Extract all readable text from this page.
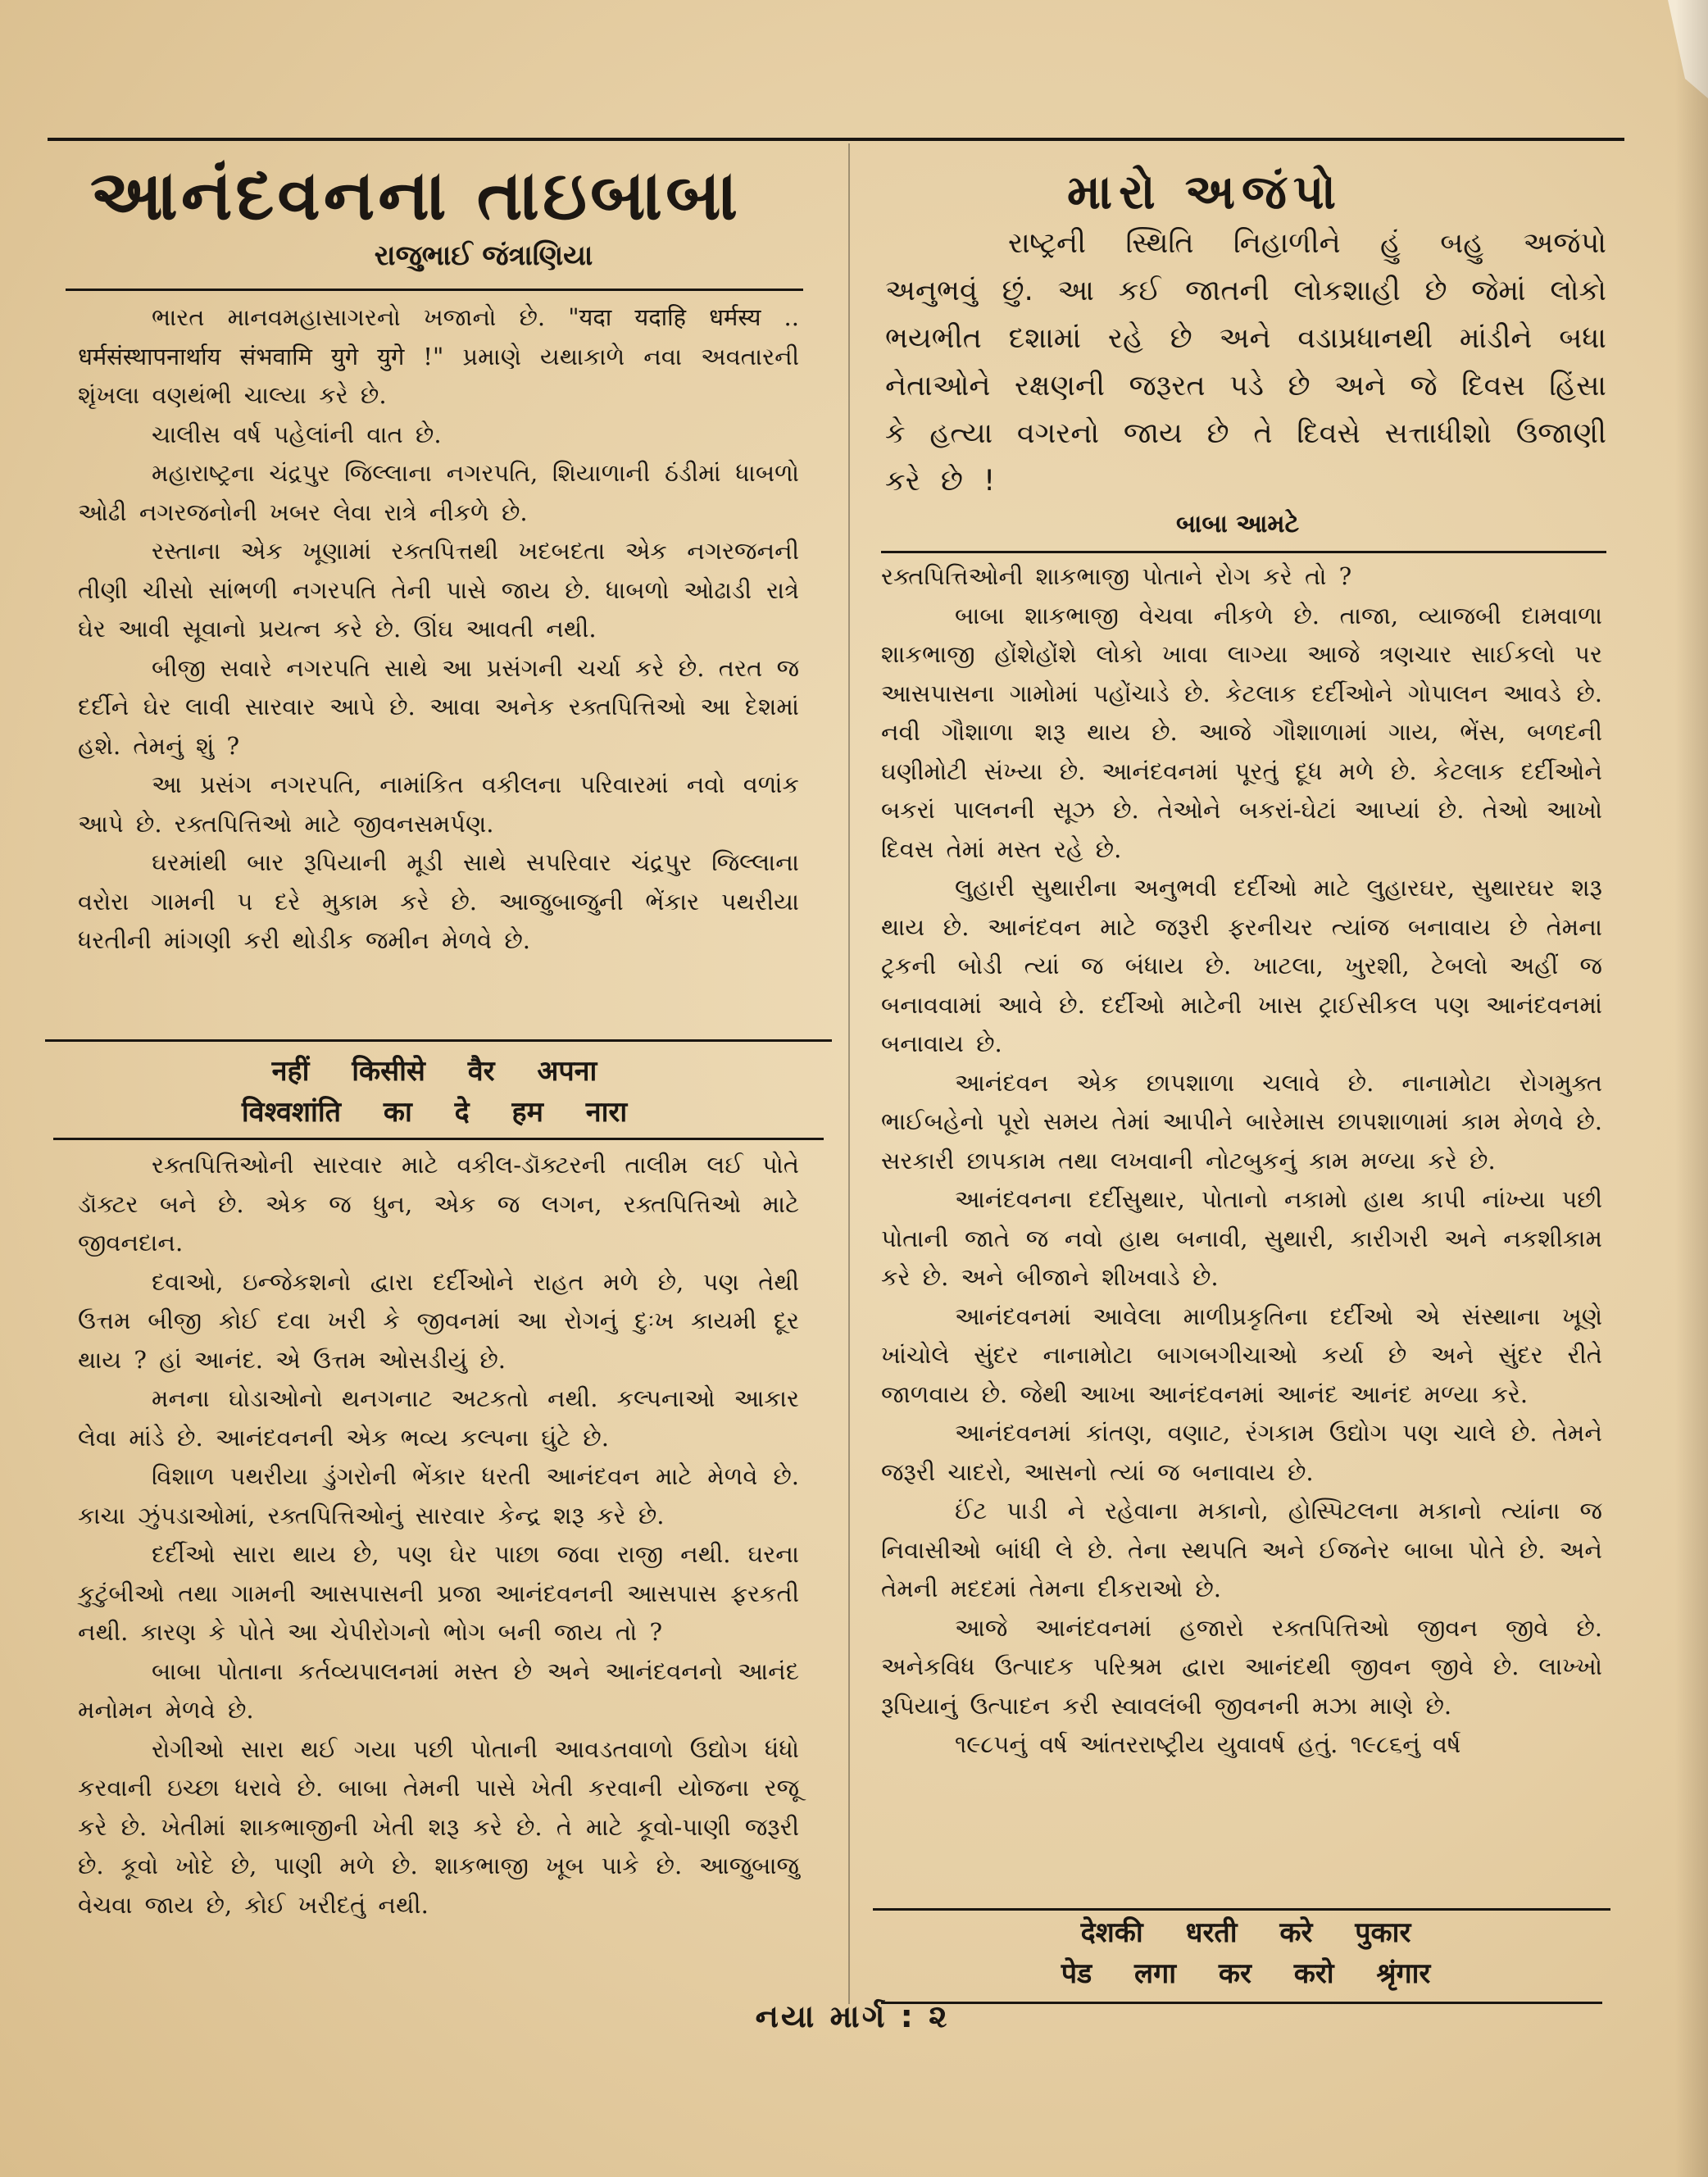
આનંદવનના તાઇબાબા
રાજુભાઈ જંત્રાણિયા

ભારત માનવમહાસાગરનો ખજાનો છે. "यदा यदाहि धर्मस्य .. धर्मसंस्थापनार्थाय संभवामि युगे युगे !" પ્રમાણે યથાકાળે નવા અવતારની શૃંખલા વણથંભી ચાલ્યા કરે છે.

ચાલીસ વર્ષ પહેલાંની વાત છે.

મહારાષ્ટ્રના ચંદ્રપુર જિલ્લાના નગરપતિ, શિયાળાની ઠંડીમાં ધાબળો ઓઢી નગરજનોની ખબર લેવા રાત્રે નીકળે છે.

રસ્તાના એક ખૂણામાં રક્તપિત્તથી ખદબદતા એક નગરજનની તીણી ચીસો સાંભળી નગરપતિ તેની પાસે જાય છે. ધાબળો ઓઢાડી રાત્રે ઘેર આવી સૂવાનો પ્રયત્ન કરે છે. ઊંઘ આવતી નથી.

બીજી સવારે નગરપતિ સાથે આ પ્રસંગની ચર્ચા કરે છે. તરત જ દર્દીને ઘેર લાવી સારવાર આપે છે. આવા અનેક રક્તપિત્તિઓ આ દેશમાં હશે. તેમનું શું ?

આ પ્રસંગ નગરપતિ, નામાંકિત વકીલના પરિવારમાં નવો વળાંક આપે છે. રક્તપિત્તિઓ માટે જીવનસમર્પણ.

ઘરમાંથી બાર રૂપિયાની મૂડી સાથે સપરિવાર ચંદ્રપુર જિલ્લાના વરોરા ગામની ૫ દરે મુકામ કરે છે. આજુબાજુની ભેંકાર પથરીયા ધરતીની માંગણી કરી થોડીક જમીન મેળવે છે.

नहीं किसीसे वैर अपना
विश्वशांति का दे हम नारा

રક્તપિત્તિઓની સારવાર માટે વકીલ-ડૉક્ટરની તાલીમ લઈ પોતે ડૉક્ટર બને છે. એક જ ધુન, એક જ લગન, રક્તપિત્તિઓ માટે જીવનદાન.

દવાઓ, ઇન્જેકશનો દ્વારા દર્દીઓને રાહત મળે છે, પણ તેથી ઉત્તમ બીજી કોઈ દવા ખરી કે જીવનમાં આ રોગનું દુઃખ કાયમી દૂર થાય ? હાં આનંદ. એ ઉત્તમ ઓસડીયું છે.

મનના ઘોડાઓનો થનગનાટ અટકતો નથી. કલ્પનાઓ આકાર લેવા માંડે છે. આનંદવનની એક ભવ્ય કલ્પના ઘુંટે છે.

વિશાળ પથરીયા ડુંગરોની ભેંકાર ધરતી આનંદવન માટે મેળવે છે. કાચા ઝુંપડાઓમાં, રક્તપિત્તિઓનું સારવાર કેન્દ્ર શરૂ કરે છે.

દર્દીઓ સારા થાય છે, પણ ઘેર પાછા જવા રાજી નથી. ઘરના કુટુંબીઓ તથા ગામની આસપાસની પ્રજા આનંદવનની આસપાસ ફરકતી નથી. કારણ કે પોતે આ ચેપીરોગનો ભોગ બની જાય તો ?

બાબા પોતાના કર્તવ્યપાલનમાં મસ્ત છે અને આનંદવનનો આનંદ મનોમન મેળવે છે.

રોગીઓ સારા થઈ ગયા પછી પોતાની આવડતવાળો ઉદ્યોગ ધંધો કરવાની ઇચ્છા ધરાવે છે. બાબા તેમની પાસે ખેતી કરવાની યોજના રજૂ કરે છે. ખેતીમાં શાકભાજીની ખેતી શરૂ કરે છે. તે માટે કૂવો-પાણી જરૂરી છે. કૂવો ખોદે છે, પાણી મળે છે. શાકભાજી ખૂબ પાકે છે. આજુબાજુ વેચવા જાય છે, કોઈ ખરીદતું નથી.

મારો અજંપો
રાષ્ટ્રની સ્થિતિ નિહાળીને હું બહુ અજંપો અનુભવું છું. આ કઈ જાતની લોકશાહી છે જેમાં લોકો ભયભીત દશામાં રહે છે અને વડાપ્રધાનથી માંડીને બધા નેતાઓને રક્ષણની જરૂરત પડે છે અને જે દિવસ હિંસા કે હત્યા વગરનો જાય છે તે દિવસે સત્તાધીશો ઉજાણી કરે છે !
બાબા આમટે

રક્તપિત્તિઓની શાકભાજી પોતાને રોગ કરે તો ?

બાબા શાકભાજી વેચવા નીકળે છે. તાજા, વ્યાજબી દામવાળા શાકભાજી હોંશેહોંશે લોકો ખાવા લાગ્યા આજે ત્રણચાર સાઈકલો પર આસપાસના ગામોમાં પહોંચાડે છે. કેટલાક દર્દીઓને ગોપાલન આવડે છે. નવી ગૌશાળા શરૂ થાય છે. આજે ગૌશાળામાં ગાય, ભેંસ, બળદની ઘણીમોટી સંખ્યા છે. આનંદવનમાં પૂરતું દૂધ મળે છે. કેટલાક દર્દીઓને બકરાં પાલનની સૂઝ છે. તેઓને બકરાં-ઘેટાં આપ્યાં છે. તેઓ આખો દિવસ તેમાં મસ્ત રહે છે.

લુહારી સુથારીના અનુભવી દર્દીઓ માટે લુહારઘર, સુથારઘર શરૂ થાય છે. આનંદવન માટે જરૂરી ફરનીચર ત્યાંજ બનાવાય છે તેમના ટ્રકની બોડી ત્યાં જ બંધાય છે. ખાટલા, ખુરશી, ટેબલો અહીં જ બનાવવામાં આવે છે. દર્દીઓ માટેની ખાસ ટ્રાઈસીકલ પણ આનંદવનમાં બનાવાય છે.

આનંદવન એક છાપશાળા ચલાવે છે. નાનામોટા રોગમુક્ત ભાઈબહેનો પૂરો સમય તેમાં આપીને બારેમાસ છાપશાળામાં કામ મેળવે છે. સરકારી છાપકામ તથા લખવાની નોટબુકનું કામ મળ્યા કરે છે.

આનંદવનના દર્દીસુથાર, પોતાનો નકામો હાથ કાપી નાંખ્યા પછી પોતાની જાતે જ નવો હાથ બનાવી, સુથારી, કારીગરી અને નકશીકામ કરે છે. અને બીજાને શીખવાડે છે.

આનંદવનમાં આવેલા માળીપ્રકૃતિના દર્દીઓ એ સંસ્થાના ખૂણે ખાંચોલે સુંદર નાનામોટા બાગબગીચાઓ કર્યા છે અને સુંદર રીતે જાળવાય છે. જેથી આખા આનંદવનમાં આનંદ આનંદ મળ્યા કરે.

આનંદવનમાં કાંતણ, વણાટ, રંગકામ ઉદ્યોગ પણ ચાલે છે. તેમને જરૂરી ચાદરો, આસનો ત્યાં જ બનાવાય છે.

ઈંટ પાડી ને રહેવાના મકાનો, હોસ્પિટલના મકાનો ત્યાંના જ નિવાસીઓ બાંધી લે છે. તેના સ્થપતિ અને ઈજનેર બાબા પોતે છે. અને તેમની મદદમાં તેમના દીકરાઓ છે.

આજે આનંદવનમાં હજારો રક્તપિત્તિઓ જીવન જીવે છે. અનેકવિધ ઉત્પાદક પરિશ્રમ દ્વારા આનંદથી જીવન જીવે છે. લાખ્ખો રૂપિયાનું ઉત્પાદન કરી સ્વાવલંબી જીવનની મઝા માણે છે.

૧૯૮૫નું વર્ષ આંતરરાષ્ટ્રીય યુવાવર્ષ હતું. ૧૯૮૬નું વર્ષ

देशकी धरती करे पुकार
पेड लगा कर करो श्रृंगार
નયા માર્ગ : ૨
